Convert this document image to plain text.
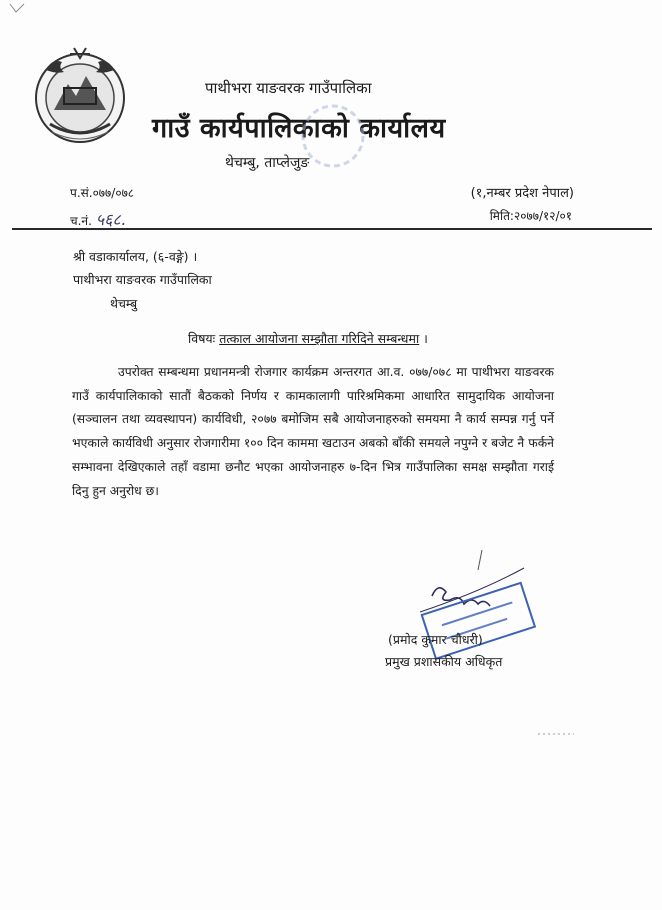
पाथीभरा याङवरक गाउँपालिका
गाउँ कार्यपालिकाको कार्यालय
थेचम्बु, ताप्लेजुङ
प.सं.०७७/०७८
च.नं. ५६८.
(१,नम्बर प्रदेश नेपाल)
मिति:२०७७/१२/०१
श्री वडाकार्यालय, (६-वङ्गे) ।
पाथीभरा याङवरक गाउँपालिका
थेचम्बु
विषयः तत्काल आयोजना सम्झौता गरिदिने सम्बन्धमा ।
उपरोक्त सम्बन्धमा प्रधानमन्त्री रोजगार कार्यक्रम अन्तरगत आ.व. ०७७/०७८ मा पाथीभरा याङवरक गाउँ कार्यपालिकाको सातौं बैठकको निर्णय र कामकालागी पारिश्रमिकमा आधारित सामुदायिक आयोजना (सञ्चालन तथा व्यवस्थापन) कार्यविधी, २०७७ बमोजिम सबै आयोजनाहरुको समयमा नै कार्य सम्पन्न गर्नु पर्ने भएकाले कार्यविधी अनुसार रोजगारीमा १०० दिन काममा खटाउन अबको बाँकी समयले नपुग्ने र बजेट नै फर्कने सम्भावना देखिएकाले तहाँ वडामा छनौट भएका आयोजनाहरु ७-दिन भित्र गाउँपालिका समक्ष सम्झौता गराई दिनु हुन अनुरोध छ।
(प्रमोद कुमार चौधरी)
प्रमुख प्रशासकीय अधिकृत
